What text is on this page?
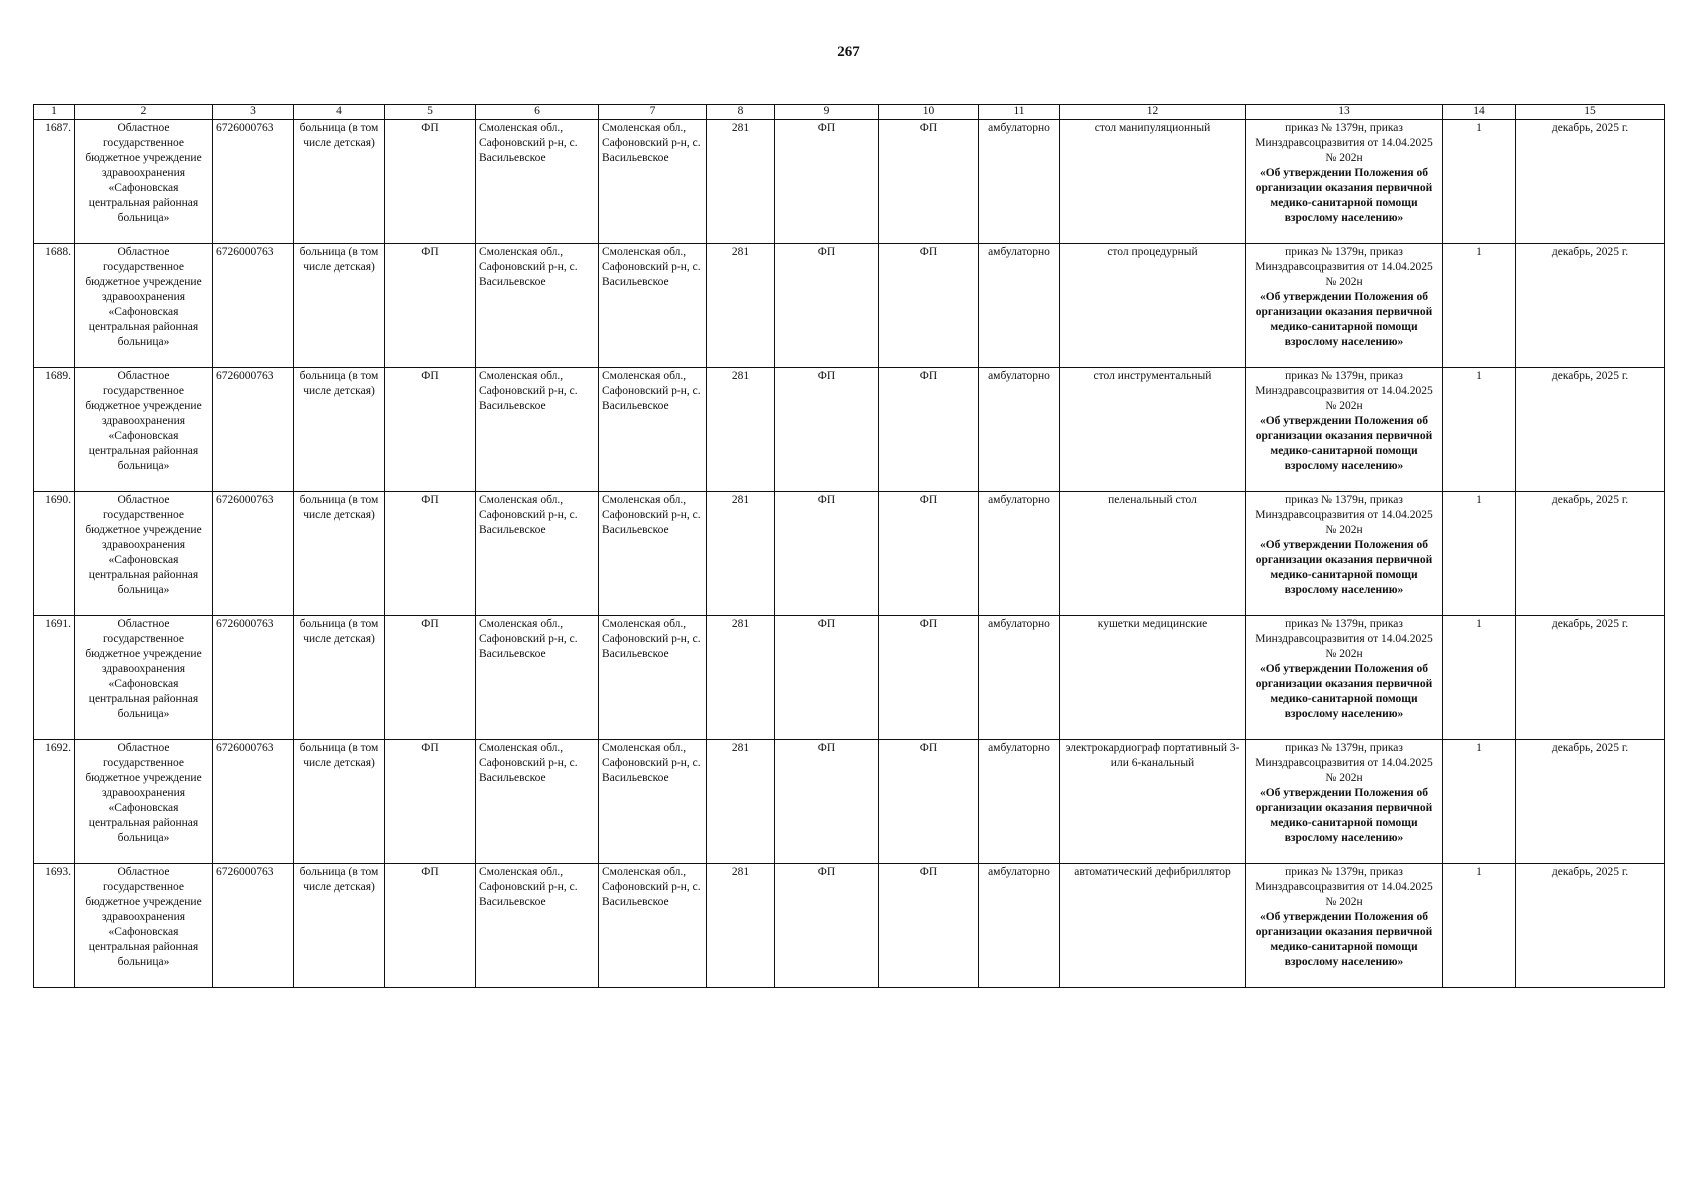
267
1	2	3	4	5	6	7	8	9	10	11	12	13	14	15
1687.	Областное государственное бюджетное учреждение здравоохранения «Сафоновская центральная районная больница»	6726000763	больница (в том числе детская)	ФП	Смоленская обл., Сафоновский р-н, с. Васильевское	Смоленская обл., Сафоновский р-н, с. Васильевское	281	ФП	ФП	амбулаторно	стол манипуляционный	приказ № 1379н, приказ Минздравсоцразвития от 14.04.2025 № 202н
«Об утверждении Положения об организации оказания первичной медико-санитарной помощи взрослому населению»	1	декабрь, 2025 г.
1688.	Областное государственное бюджетное учреждение здравоохранения «Сафоновская центральная районная больница»	6726000763	больница (в том числе детская)	ФП	Смоленская обл., Сафоновский р-н, с. Васильевское	Смоленская обл., Сафоновский р-н, с. Васильевское	281	ФП	ФП	амбулаторно	стол процедурный	приказ № 1379н, приказ Минздравсоцразвития от 14.04.2025 № 202н
«Об утверждении Положения об организации оказания первичной медико-санитарной помощи взрослому населению»	1	декабрь, 2025 г.
1689.	Областное государственное бюджетное учреждение здравоохранения «Сафоновская центральная районная больница»	6726000763	больница (в том числе детская)	ФП	Смоленская обл., Сафоновский р-н, с. Васильевское	Смоленская обл., Сафоновский р-н, с. Васильевское	281	ФП	ФП	амбулаторно	стол инструментальный	приказ № 1379н, приказ Минздравсоцразвития от 14.04.2025 № 202н
«Об утверждении Положения об организации оказания первичной медико-санитарной помощи взрослому населению»	1	декабрь, 2025 г.
1690.	Областное государственное бюджетное учреждение здравоохранения «Сафоновская центральная районная больница»	6726000763	больница (в том числе детская)	ФП	Смоленская обл., Сафоновский р-н, с. Васильевское	Смоленская обл., Сафоновский р-н, с. Васильевское	281	ФП	ФП	амбулаторно	пеленальный стол	приказ № 1379н, приказ Минздравсоцразвития от 14.04.2025 № 202н
«Об утверждении Положения об организации оказания первичной медико-санитарной помощи взрослому населению»	1	декабрь, 2025 г.
1691.	Областное государственное бюджетное учреждение здравоохранения «Сафоновская центральная районная больница»	6726000763	больница (в том числе детская)	ФП	Смоленская обл., Сафоновский р-н, с. Васильевское	Смоленская обл., Сафоновский р-н, с. Васильевское	281	ФП	ФП	амбулаторно	кушетки медицинские	приказ № 1379н, приказ Минздравсоцразвития от 14.04.2025 № 202н
«Об утверждении Положения об организации оказания первичной медико-санитарной помощи взрослому населению»	1	декабрь, 2025 г.
1692.	Областное государственное бюджетное учреждение здравоохранения «Сафоновская центральная районная больница»	6726000763	больница (в том числе детская)	ФП	Смоленская обл., Сафоновский р-н, с. Васильевское	Смоленская обл., Сафоновский р-н, с. Васильевское	281	ФП	ФП	амбулаторно	электрокардиограф портативный 3- или 6-канальный	приказ № 1379н, приказ Минздравсоцразвития от 14.04.2025 № 202н
«Об утверждении Положения об организации оказания первичной медико-санитарной помощи взрослому населению»	1	декабрь, 2025 г.
1693.	Областное государственное бюджетное учреждение здравоохранения «Сафоновская центральная районная больница»	6726000763	больница (в том числе детская)	ФП	Смоленская обл., Сафоновский р-н, с. Васильевское	Смоленская обл., Сафоновский р-н, с. Васильевское	281	ФП	ФП	амбулаторно	автоматический дефибриллятор	приказ № 1379н, приказ Минздравсоцразвития от 14.04.2025 № 202н
«Об утверждении Положения об организации оказания первичной медико-санитарной помощи взрослому населению»	1	декабрь, 2025 г.
